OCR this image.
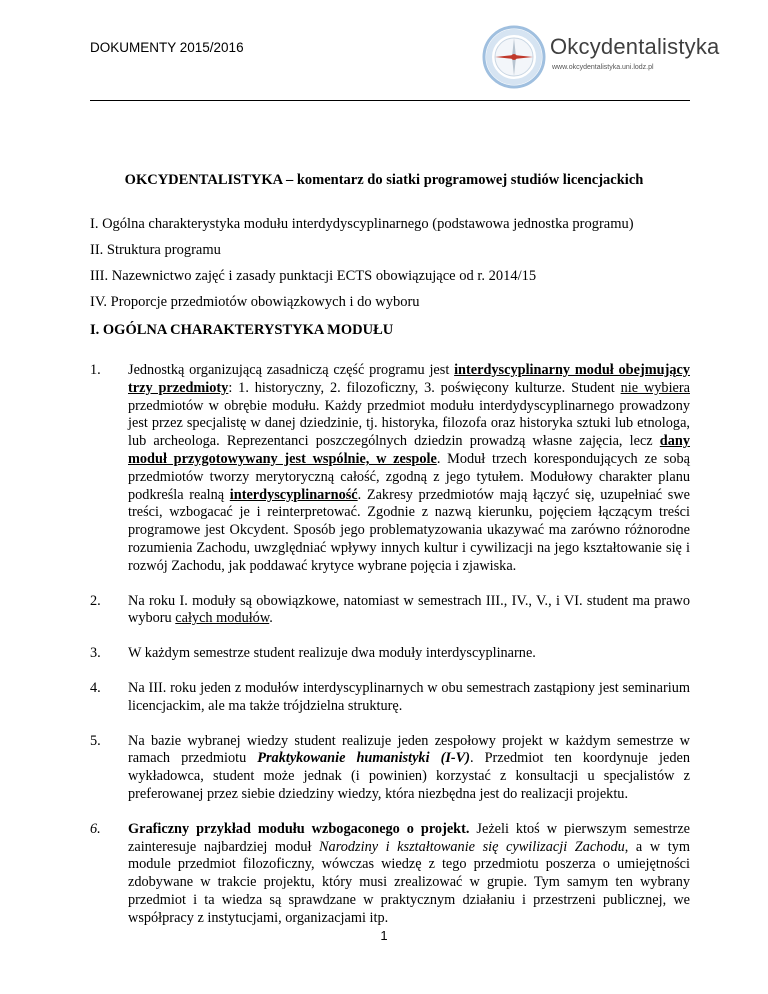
DOKUMENTY 2015/2016	Okcydentalistyka
www.okcydentalistyka.uni.lodz.pl
OKCYDENTALISTYKA – komentarz do siatki programowej studiów licencjackich
I. Ogólna charakterystyka modułu interdydyscyplinarnego (podstawowa jednostka programu)
II. Struktura programu
III. Nazewnictwo zajęć i zasady punktacji ECTS obowiązujące od r. 2014/15
IV. Proporcje przedmiotów obowiązkowych i do wyboru
I. OGÓLNA CHARAKTERYSTYKA MODUŁU
1.	Jednostką organizującą zasadniczą część programu jest interdyscyplinarny moduł obejmujący trzy przedmioty: 1. historyczny, 2. filozoficzny, 3. poświęcony kulturze. Student nie wybiera przedmiotów w obrębie modułu. Każdy przedmiot modułu interdydyscyplinarnego prowadzony jest przez specjalistę w danej dziedzinie, tj. historyka, filozofa oraz historyka sztuki lub etnologa, lub archeologa. Reprezentanci poszczególnych dziedzin prowadzą własne zajęcia, lecz dany moduł przygotowywany jest wspólnie, w zespole. Moduł trzech korespondujących ze sobą przedmiotów tworzy merytoryczną całość, zgodną z jego tytułem. Modułowy charakter planu podkreśla realną interdyscyplinarność. Zakresy przedmiotów mają łączyć się, uzupełniać swe treści, wzbogacać je i reinterpretować. Zgodnie z nazwą kierunku, pojęciem łączącym treści programowe jest Okcydent. Sposób jego problematyzowania ukazywać ma zarówno różnorodne rozumienia Zachodu, uwzględniać wpływy innych kultur i cywilizacji na jego kształtowanie się i rozwój Zachodu, jak poddawać krytyce wybrane pojęcia i zjawiska.
2.	Na roku I. moduły są obowiązkowe, natomiast w semestrach III., IV., V., i VI. student ma prawo wyboru całych modułów.
3.	W każdym semestrze student realizuje dwa moduły interdyscyplinarne.
4.	Na III. roku jeden z modułów interdyscyplinarnych w obu semestrach zastąpiony jest seminarium licencjackim, ale ma także trójdzielna strukturę.
5.	Na bazie wybranej wiedzy student realizuje jeden zespołowy projekt w każdym semestrze w ramach przedmiotu Praktykowanie humanistyki (I-V). Przedmiot ten koordynuje jeden wykładowca, student może jednak (i powinien) korzystać z konsultacji u specjalistów z preferowanej przez siebie dziedziny wiedzy, która niezbędna jest do realizacji projektu.
6.	Graficzny przykład modułu wzbogaconego o projekt. Jeżeli ktoś w pierwszym semestrze zainteresuje najbardziej moduł Narodziny i kształtowanie się cywilizacji Zachodu, a w tym module przedmiot filozoficzny, wówczas wiedzę z tego przedmiotu poszerza o umiejętności zdobywane w trakcie projektu, który musi zrealizować w grupie. Tym samym ten wybrany przedmiot i ta wiedza są sprawdzane w praktycznym działaniu i przestrzeni publicznej, we współpracy z instytucjami, organizacjami itp.
1
